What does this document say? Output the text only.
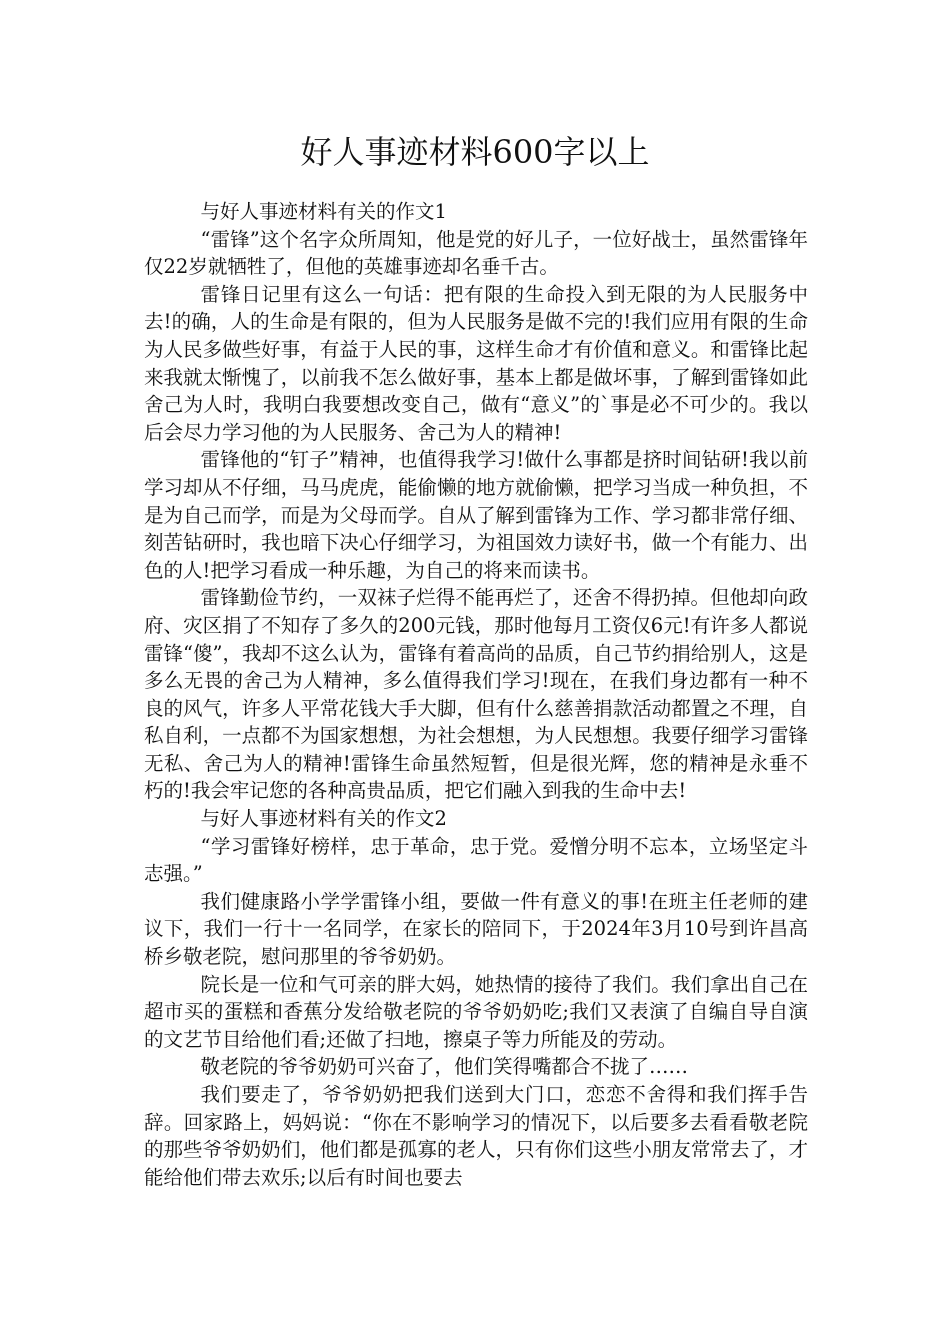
好人事迹材料600字以上

与好人事迹材料有关的作文1

“雷锋”这个名字众所周知，他是党的好儿子，一位好战士，虽然雷锋年仅22岁就牺牲了，但他的英雄事迹却名垂千古。

雷锋日记里有这么一句话：把有限的生命投入到无限的为人民服务中去!的确，人的生命是有限的，但为人民服务是做不完的!我们应用有限的生命为人民多做些好事，有益于人民的事，这样生命才有价值和意义。和雷锋比起来我就太惭愧了，以前我不怎么做好事，基本上都是做坏事，了解到雷锋如此舍己为人时，我明白我要想改变自己，做有“意义”的`事是必不可少的。我以后会尽力学习他的为人民服务、舍己为人的精神!

雷锋他的“钉子”精神，也值得我学习!做什么事都是挤时间钻研!我以前学习却从不仔细，马马虎虎，能偷懒的地方就偷懒，把学习当成一种负担，不是为自己而学，而是为父母而学。自从了解到雷锋为工作、学习都非常仔细、刻苦钻研时，我也暗下决心仔细学习，为祖国效力读好书，做一个有能力、出色的人!把学习看成一种乐趣，为自己的将来而读书。

雷锋勤俭节约，一双袜子烂得不能再烂了，还舍不得扔掉。但他却向政府、灾区捐了不知存了多久的200元钱，那时他每月工资仅6元!有许多人都说雷锋“傻”，我却不这么认为，雷锋有着高尚的品质，自己节约捐给别人，这是多么无畏的舍己为人精神，多么值得我们学习!现在，在我们身边都有一种不良的风气，许多人平常花钱大手大脚，但有什么慈善捐款活动都置之不理，自私自利，一点都不为国家想想，为社会想想，为人民想想。我要仔细学习雷锋无私、舍己为人的精神!雷锋生命虽然短暂，但是很光辉，您的精神是永垂不朽的!我会牢记您的各种高贵品质，把它们融入到我的生命中去!

与好人事迹材料有关的作文2

“学习雷锋好榜样，忠于革命，忠于党。爱憎分明不忘本，立场坚定斗志强。”

我们健康路小学学雷锋小组，要做一件有意义的事!在班主任老师的建议下，我们一行十一名同学，在家长的陪同下，于2024年3月10号到许昌高桥乡敬老院，慰问那里的爷爷奶奶。

院长是一位和气可亲的胖大妈，她热情的接待了我们。我们拿出自己在超市买的蛋糕和香蕉分发给敬老院的爷爷奶奶吃;我们又表演了自编自导自演的文艺节目给他们看;还做了扫地，擦桌子等力所能及的劳动。

敬老院的爷爷奶奶可兴奋了，他们笑得嘴都合不拢了……

我们要走了，爷爷奶奶把我们送到大门口，恋恋不舍得和我们挥手告辞。回家路上，妈妈说：“你在不影响学习的情况下，以后要多去看看敬老院的那些爷爷奶奶们，他们都是孤寡的老人，只有你们这些小朋友常常去了，才能给他们带去欢乐;以后有时间也要去
